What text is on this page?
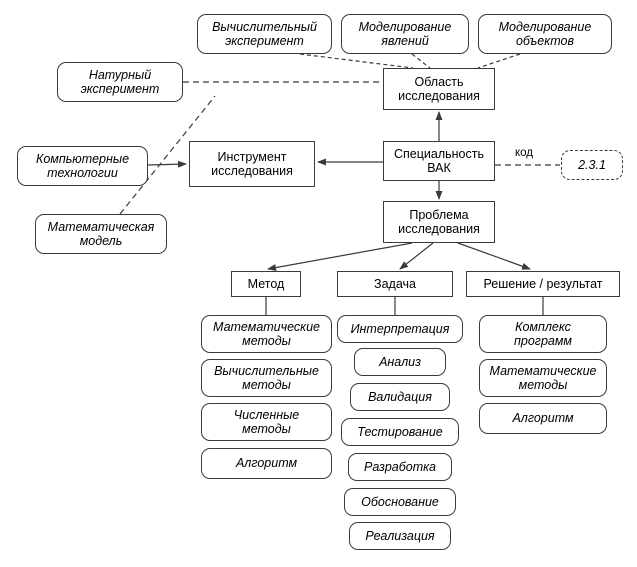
Вычислительный
эксперимент
Моделирование
явлений
Моделирование
объектов
Натурный
эксперимент
Область
исследования
Компьютерные
технологии
Инструмент
исследования
Специальность
ВАК	2.3.1
Математическая
модель
Проблема
исследования
Метод	Задача	Решение / результат
Математические
методы
Вычислительные
методы
Численные
методы
Алгоритм
Интерпретация
Анализ
Валидация
Тестирование
Разработка
Обоснование
Реализация
Комплекс
программ
Математические
методы
Алгоритм
код
